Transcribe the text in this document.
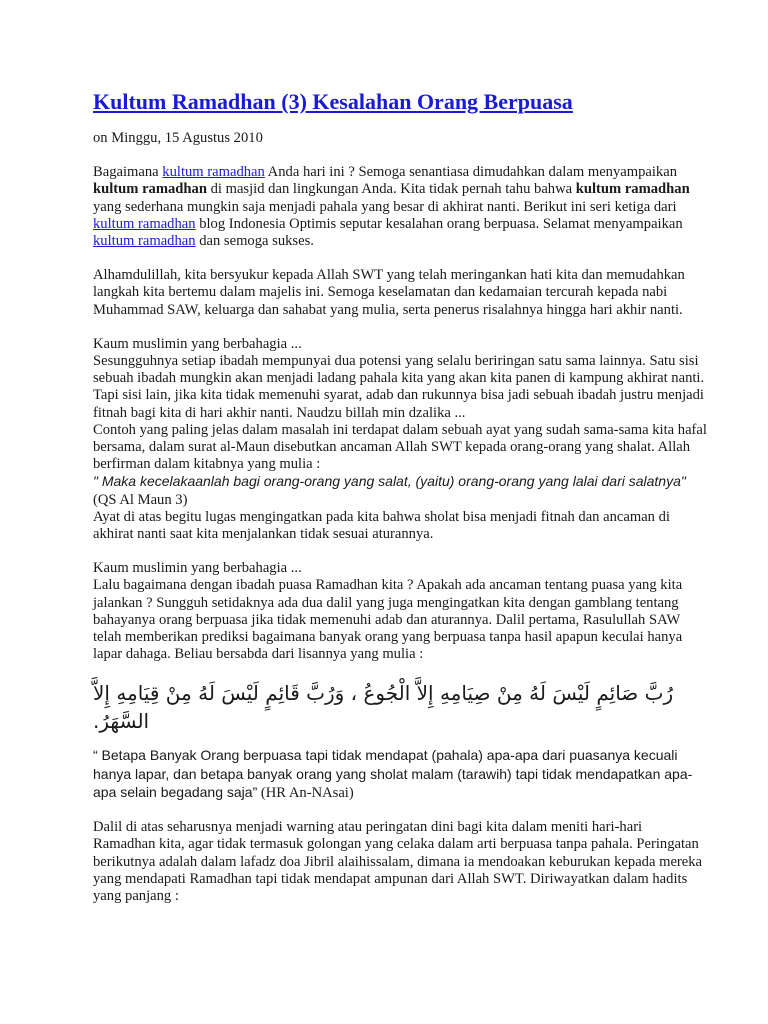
Kultum Ramadhan (3) Kesalahan Orang Berpuasa

on Minggu, 15 Agustus 2010

Bagaimana kultum ramadhan Anda hari ini ? Semoga senantiasa dimudahkan dalam menyampaikan kultum ramadhan di masjid dan lingkungan Anda. Kita tidak pernah tahu bahwa kultum ramadhan yang sederhana mungkin saja menjadi pahala yang besar di akhirat nanti. Berikut ini seri ketiga dari kultum ramadhan blog Indonesia Optimis seputar kesalahan orang berpuasa. Selamat menyampaikan kultum ramadhan dan semoga sukses.

Alhamdulillah, kita bersyukur kepada Allah SWT yang telah meringankan hati kita dan memudahkan langkah kita bertemu dalam majelis ini. Semoga keselamatan dan kedamaian tercurah kepada nabi Muhammad SAW, keluarga dan sahabat yang mulia, serta penerus risalahnya hingga hari akhir nanti.

Kaum muslimin yang berbahagia ...

Sesungguhnya setiap ibadah mempunyai dua potensi yang selalu beriringan satu sama lainnya. Satu sisi sebuah ibadah mungkin akan menjadi ladang pahala kita yang akan kita panen di kampung akhirat nanti. Tapi sisi lain, jika kita tidak memenuhi syarat, adab dan rukunnya bisa jadi sebuah ibadah justru menjadi fitnah bagi kita di hari akhir nanti. Naudzu billah min dzalika ...

Contoh yang paling jelas dalam masalah ini terdapat dalam sebuah ayat yang sudah sama-sama kita hafal bersama, dalam surat al-Maun disebutkan ancaman Allah SWT kepada orang-orang yang shalat. Allah berfirman dalam kitabnya yang mulia :

" Maka kecelakaanlah bagi orang-orang yang salat, (yaitu) orang-orang yang lalai dari salatnya" (QS Al Maun 3)

Ayat di atas begitu lugas mengingatkan pada kita bahwa sholat bisa menjadi fitnah dan ancaman di akhirat nanti saat kita menjalankan tidak sesuai aturannya.

Kaum muslimin yang berbahagia ...

Lalu bagaimana dengan ibadah puasa Ramadhan kita ? Apakah ada ancaman tentang puasa yang kita jalankan ? Sungguh setidaknya ada dua dalil yang juga mengingatkan kita dengan gamblang tentang bahayanya orang berpuasa jika tidak memenuhi adab dan aturannya. Dalil pertama, Rasulullah SAW telah memberikan prediksi bagaimana banyak orang yang berpuasa tanpa hasil apapun keculai hanya lapar dahaga. Beliau bersabda dari lisannya yang mulia :

رُبَّ صَائِمٍ لَيْسَ لَهُ مِنْ صِيَامِهِ إِلاَّ الْجُوعُ ، وَرُبَّ قَائِمٍ لَيْسَ لَهُ مِنْ قِيَامِهِ إِلاَّ السَّهَرُ.

“ Betapa Banyak Orang berpuasa tapi tidak mendapat (pahala) apa-apa dari puasanya kecuali hanya lapar, dan betapa banyak orang yang sholat malam (tarawih) tapi tidak mendapatkan apa-apa selain begadang saja” (HR An-NAsai)

Dalil di atas seharusnya menjadi warning atau peringatan dini bagi kita dalam meniti hari-hari Ramadhan kita, agar tidak termasuk golongan yang celaka dalam arti berpuasa tanpa pahala. Peringatan berikutnya adalah dalam lafadz doa Jibril alaihissalam, dimana ia mendoakan keburukan kepada mereka yang mendapati Ramadhan tapi tidak mendapat ampunan dari Allah SWT. Diriwayatkan dalam hadits yang panjang :
